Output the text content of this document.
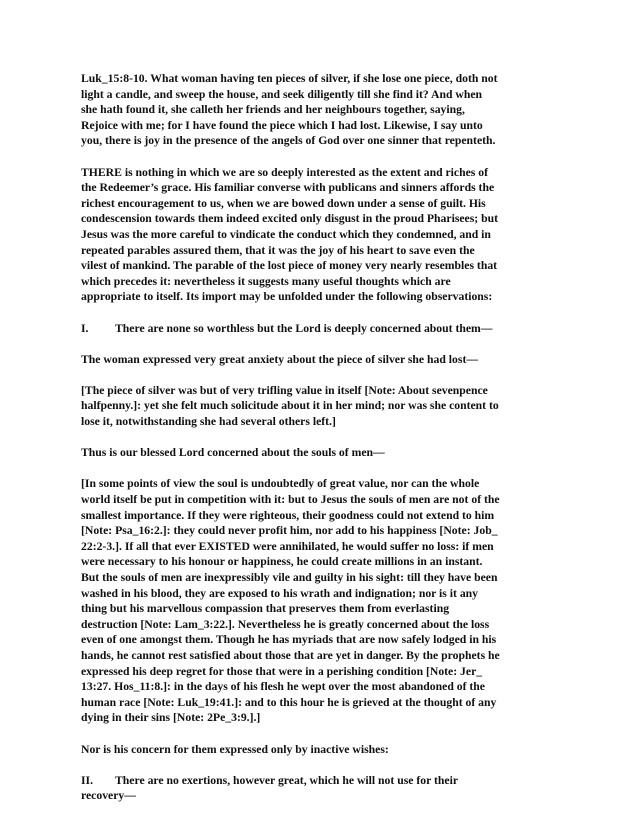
Luk_15:8-10. What woman having ten pieces of silver, if she lose one piece, doth not
light a candle, and sweep the house, and seek diligently till she find it? And when
she hath found it, she calleth her friends and her neighbours together, saying,
Rejoice with me; for I have found the piece which I had lost. Likewise, I say unto
you, there is joy in the presence of the angels of God over one sinner that repenteth.
THERE is nothing in which we are so deeply interested as the extent and riches of
the Redeemer’s grace. His familiar converse with publicans and sinners affords the
richest encouragement to us, when we are bowed down under a sense of guilt. His
condescension towards them indeed excited only disgust in the proud Pharisees; but
Jesus was the more careful to vindicate the conduct which they condemned, and in
repeated parables assured them, that it was the joy of his heart to save even the
vilest of mankind. The parable of the lost piece of money very nearly resembles that
which precedes it: nevertheless it suggests many useful thoughts which are
appropriate to itself. Its import may be unfolded under the following observations:
I. There are none so worthless but the Lord is deeply concerned about them—
The woman expressed very great anxiety about the piece of silver she had lost—
[The piece of silver was but of very trifling value in itself [Note: About sevenpence
halfpenny.]: yet she felt much solicitude about it in her mind; nor was she content to
lose it, notwithstanding she had several others left.]
Thus is our blessed Lord concerned about the souls of men—
[In some points of view the soul is undoubtedly of great value, nor can the whole
world itself be put in competition with it: but to Jesus the souls of men are not of the
smallest importance. If they were righteous, their goodness could not extend to him
[Note: Psa_16:2.]: they could never profit him, nor add to his happiness [Note: Job_
22:2-3.]. If all that ever EXISTED were annihilated, he would suffer no loss: if men
were necessary to his honour or happiness, he could create millions in an instant.
But the souls of men are inexpressibly vile and guilty in his sight: till they have been
washed in his blood, they are exposed to his wrath and indignation; nor is it any
thing but his marvellous compassion that preserves them from everlasting
destruction [Note: Lam_3:22.]. Nevertheless he is greatly concerned about the loss
even of one amongst them. Though he has myriads that are now safely lodged in his
hands, he cannot rest satisfied about those that are yet in danger. By the prophets he
expressed his deep regret for those that were in a perishing condition [Note: Jer_
13:27. Hos_11:8.]: in the days of his flesh he wept over the most abandoned of the
human race [Note: Luk_19:41.]: and to this hour he is grieved at the thought of any
dying in their sins [Note: 2Pe_3:9.].]
Nor is his concern for them expressed only by inactive wishes:
II. There are no exertions, however great, which he will not use for their
recovery—
